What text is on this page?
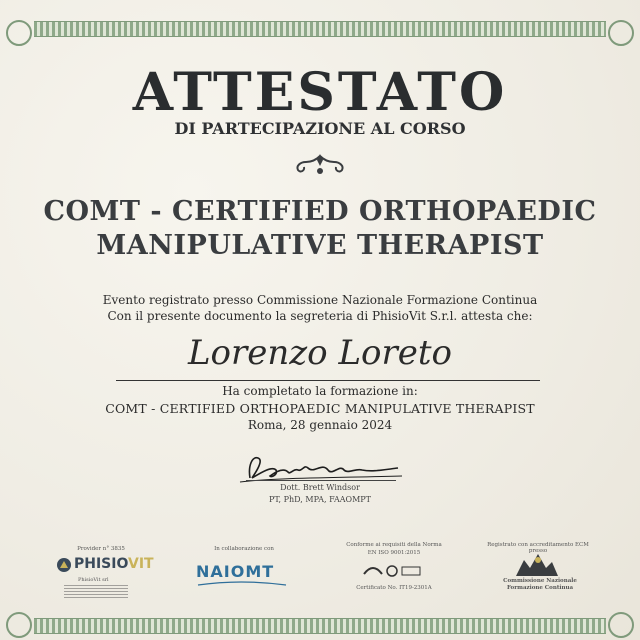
ATTESTATO
DI PARTECIPAZIONE AL CORSO
COMT - CERTIFIED ORTHOPAEDIC
MANIPULATIVE THERAPIST
Evento registrato presso Commissione Nazionale Formazione Continua
Con il presente documento la segreteria di PhisioVit S.r.l. attesta che:
Lorenzo Loreto
Ha completato la formazione in:
COMT - CERTIFIED ORTHOPAEDIC MANIPULATIVE THERAPIST
Roma, 28 gennaio 2024
Dott. Brett Windsor
PT, PhD, MPA, FAAOMPT
Provider n° 3835
PHISIOVIT
PhisioVit srl
In collaborazione con
NAIOMT
Conforme ai requisiti della Norma
EN ISO 9001:2015
Certificato No. IT19-2301A
Registrato con accreditamento ECM presso
Commissione Nazionale
Formazione Continua
